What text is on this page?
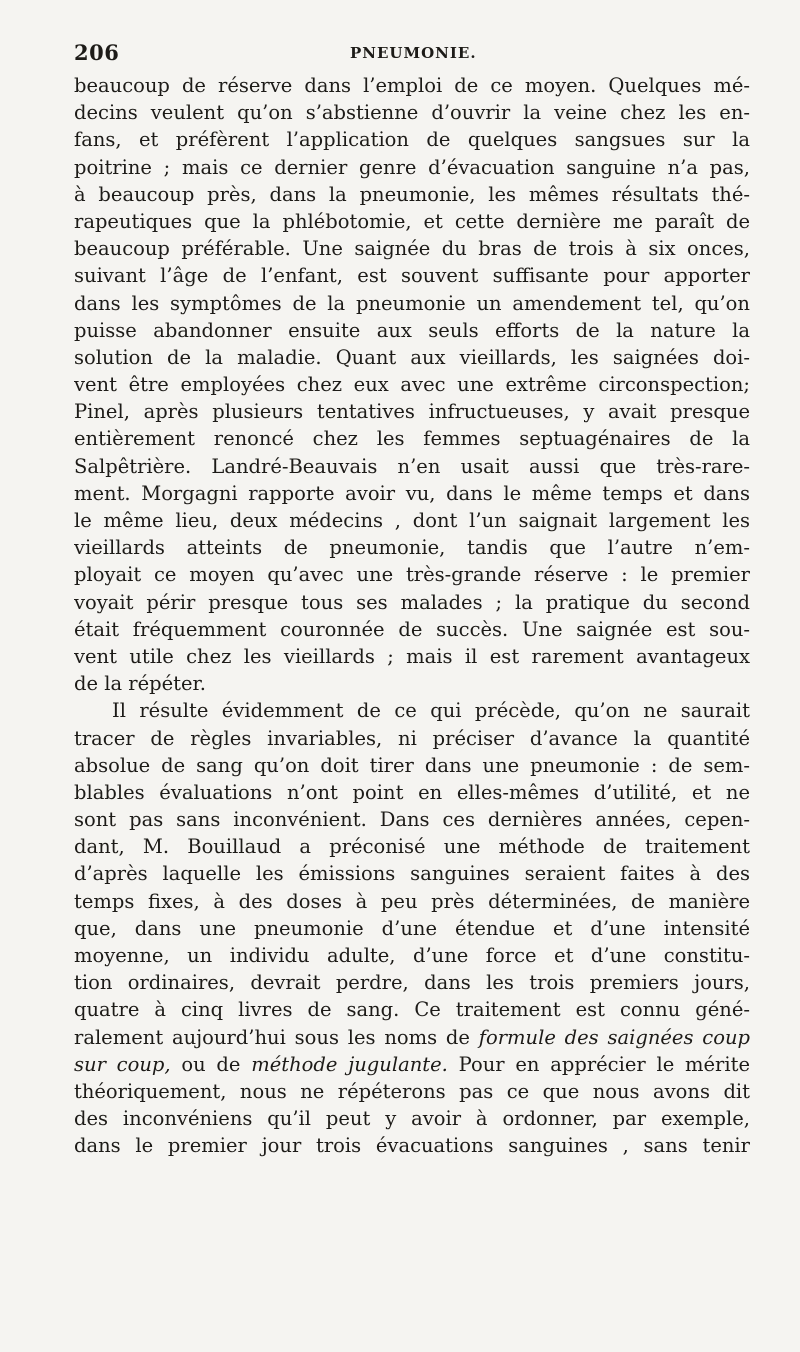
206	PNEUMONIE.
beaucoup de réserve dans l’emploi de ce moyen. Quelques mé-
decins veulent qu’on s’abstienne d’ouvrir la veine chez les en-
fans, et préfèrent l’application de quelques sangsues sur la
poitrine ; mais ce dernier genre d’évacuation sanguine n’a pas,
à beaucoup près, dans la pneumonie, les mêmes résultats thé-
rapeutiques que la phlébotomie, et cette dernière me paraît de
beaucoup préférable. Une saignée du bras de trois à six onces,
suivant l’âge de l’enfant, est souvent suffisante pour apporter
dans les symptômes de la pneumonie un amendement tel, qu’on
puisse abandonner ensuite aux seuls efforts de la nature la
solution de la maladie. Quant aux vieillards, les saignées doi-
vent être employées chez eux avec une extrême circonspection;
Pinel, après plusieurs tentatives infructueuses, y avait presque
entièrement renoncé chez les femmes septuagénaires de la
Salpêtrière. Landré-Beauvais n’en usait aussi que très-rare-
ment. Morgagni rapporte avoir vu, dans le même temps et dans
le même lieu, deux médecins , dont l’un saignait largement les
vieillards atteints de pneumonie, tandis que l’autre n’em-
ployait ce moyen qu’avec une très-grande réserve : le premier
voyait périr presque tous ses malades ; la pratique du second
était fréquemment couronnée de succès. Une saignée est sou-
vent utile chez les vieillards ; mais il est rarement avantageux
de la répéter.
Il résulte évidemment de ce qui précède, qu’on ne saurait
tracer de règles invariables, ni préciser d’avance la quantité
absolue de sang qu’on doit tirer dans une pneumonie : de sem-
blables évaluations n’ont point en elles-mêmes d’utilité, et ne
sont pas sans inconvénient. Dans ces dernières années, cepen-
dant, M. Bouillaud a préconisé une méthode de traitement
d’après laquelle les émissions sanguines seraient faites à des
temps fixes, à des doses à peu près déterminées, de manière
que, dans une pneumonie d’une étendue et d’une intensité
moyenne, un individu adulte, d’une force et d’une constitu-
tion ordinaires, devrait perdre, dans les trois premiers jours,
quatre à cinq livres de sang. Ce traitement est connu géné-
ralement aujourd’hui sous les noms de formule des saignées coup
sur coup, ou de méthode jugulante. Pour en apprécier le mérite
théoriquement, nous ne répéterons pas ce que nous avons dit
des inconvéniens qu’il peut y avoir à ordonner, par exemple,
dans le premier jour trois évacuations sanguines , sans tenir
